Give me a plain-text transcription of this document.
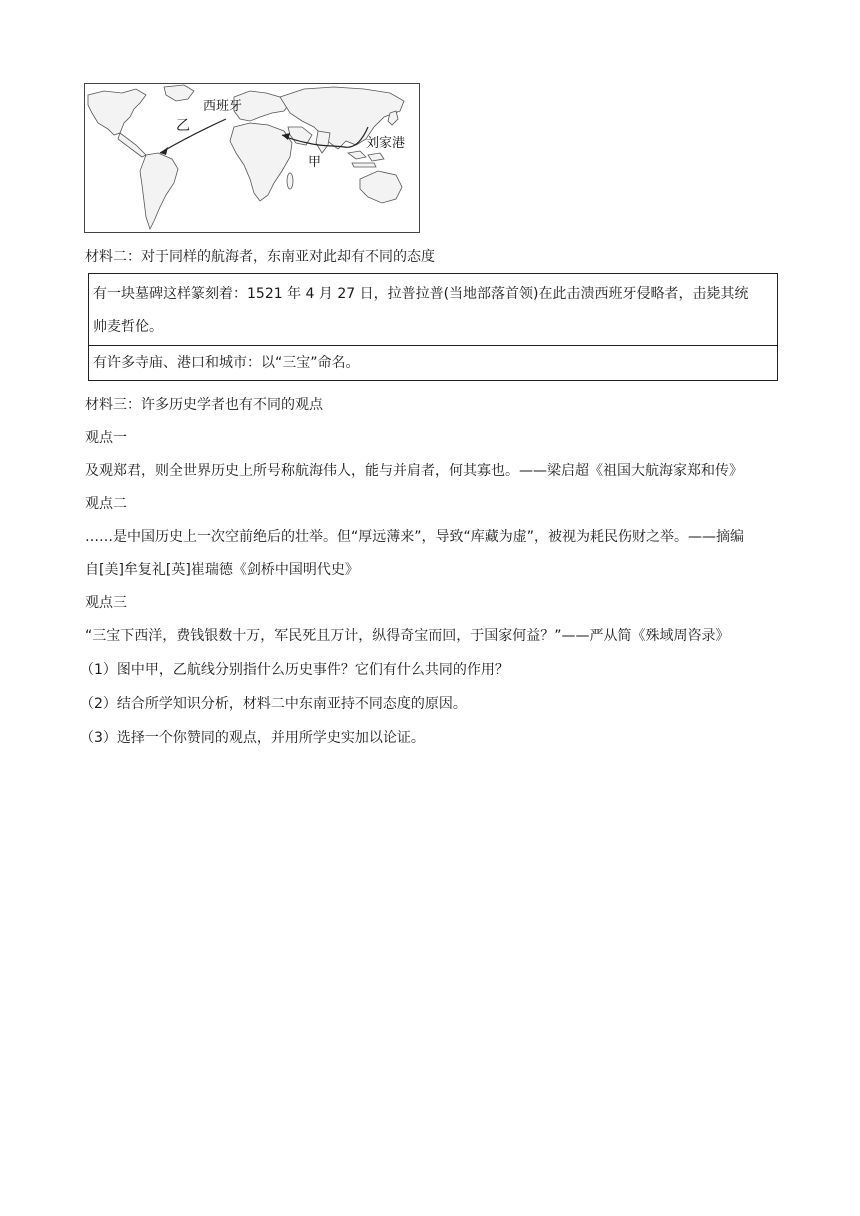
西班牙
乙
甲
刘家港
材料二：对于同样的航海者，东南亚对此却有不同的态度
有一块墓碑这样篆刻着：1521 年 4 月 27 日，拉普拉普(当地部落首领)在此击溃西班牙侵略者，击毙其统
帅麦哲伦。
有许多寺庙、港口和城市：以“三宝”命名。
材料三：许多历史学者也有不同的观点
观点一
及观郑君，则全世界历史上所号称航海伟人，能与并肩者，何其寡也。——梁启超《祖国大航海家郑和传》
观点二
……是中国历史上一次空前绝后的壮举。但“厚远薄来”，导致“库藏为虚”，被视为耗民伤财之举。——摘编
自[美]牟复礼[英]崔瑞德《剑桥中国明代史》
观点三
“三宝下西洋，费钱银数十万，军民死且万计，纵得奇宝而回，于国家何益？”——严从简《殊域周咨录》
（1）图中甲，乙航线分别指什么历史事件？它们有什么共同的作用？
（2）结合所学知识分析，材料二中东南亚持不同态度的原因。
（3）选择一个你赞同的观点，并用所学史实加以论证。
